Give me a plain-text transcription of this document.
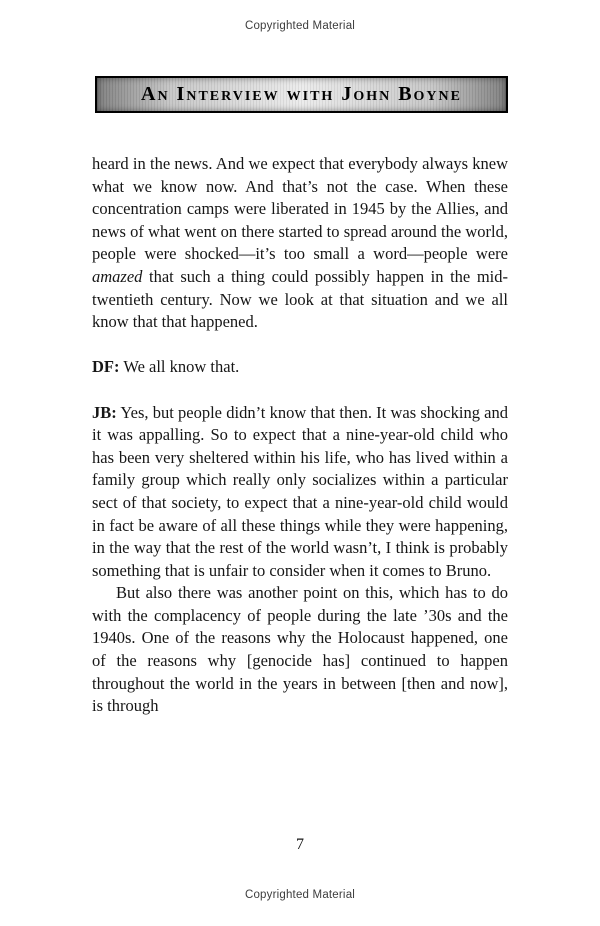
Copyrighted Material
An Interview with John Boyne

heard in the news. And we expect that everybody always knew what we know now. And that’s not the case. When these concentration camps were liberated in 1945 by the Allies, and news of what went on there started to spread around the world, people were shocked—it’s too small a word—people were amazed that such a thing could possibly happen in the mid-twentieth century. Now we look at that situation and we all know that that happened.

DF: We all know that.

JB: Yes, but people didn’t know that then. It was shocking and it was appalling. So to expect that a nine-year-old child who has been very sheltered within his life, who has lived within a family group which really only socializes within a particular sect of that society, to expect that a nine-year-old child would in fact be aware of all these things while they were happening, in the way that the rest of the world wasn’t, I think is probably something that is unfair to consider when it comes to Bruno.

But also there was another point on this, which has to do with the complacency of people during the late ’30s and the 1940s. One of the reasons why the Holocaust happened, one of the reasons why [genocide has] continued to happen throughout the world in the years in between [then and now], is through

7
Copyrighted Material
